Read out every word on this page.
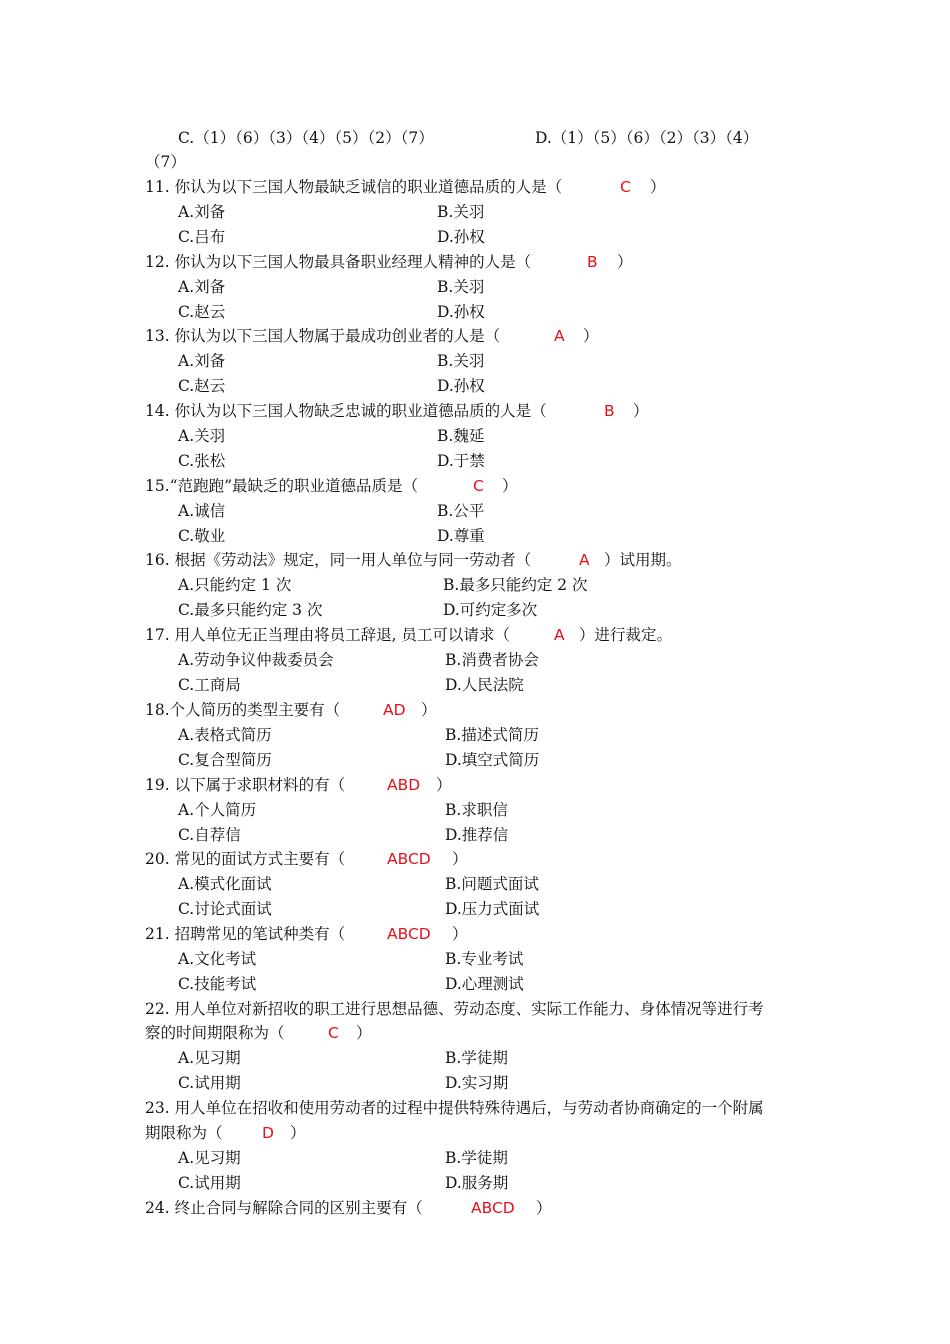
C.（1）（6）（3）（4）（5）（2）（7）	D.（1）（5）（6）（2）（3）（4）
（7）
11. 你认为以下三国人物最缺乏诚信的职业道德品质的人是（	C ）
A.刘备	B.关羽
C.吕布	D.孙权
12. 你认为以下三国人物最具备职业经理人精神的人是（	B ）
A.刘备	B.关羽
C.赵云	D.孙权
13. 你认为以下三国人物属于最成功创业者的人是（	A ）
A.刘备	B.关羽
C.赵云	D.孙权
14. 你认为以下三国人物缺乏忠诚的职业道德品质的人是（	B ）
A.关羽	B.魏延
C.张松	D.于禁
15.“范跑跑”最缺乏的职业道德品质是（	C ）
A.诚信	B.公平
C.敬业	D.尊重
16. 根据《劳动法》规定，同一用人单位与同一劳动者（	A ）试用期。
A.只能约定 1 次	B.最多只能约定 2 次
C.最多只能约定 3 次	D.可约定多次
17. 用人单位无正当理由将员工辞退, 员工可以请求（	A ）进行裁定。
A.劳动争议仲裁委员会	B.消费者协会
C.工商局	D.人民法院
18.个人简历的类型主要有（	AD ）
A.表格式简历	B.描述式简历
C.复合型简历	D.填空式简历
19. 以下属于求职材料的有（	ABD ）
A.个人简历	B.求职信
C.自荐信	D.推荐信
20. 常见的面试方式主要有（	ABCD ）
A.模式化面试	B.问题式面试
C.讨论式面试	D.压力式面试
21. 招聘常见的笔试种类有（	ABCD ）
A.文化考试	B.专业考试
C.技能考试	D.心理测试
22. 用人单位对新招收的职工进行思想品德、劳动态度、实际工作能力、身体情况等进行考
察的时间期限称为（	C ）
A.见习期	B.学徒期
C.试用期	D.实习期
23. 用人单位在招收和使用劳动者的过程中提供特殊待遇后，与劳动者协商确定的一个附属
期限称为（	D ）
A.见习期	B.学徒期
C.试用期	D.服务期
24. 终止合同与解除合同的区别主要有（	ABCD ）
